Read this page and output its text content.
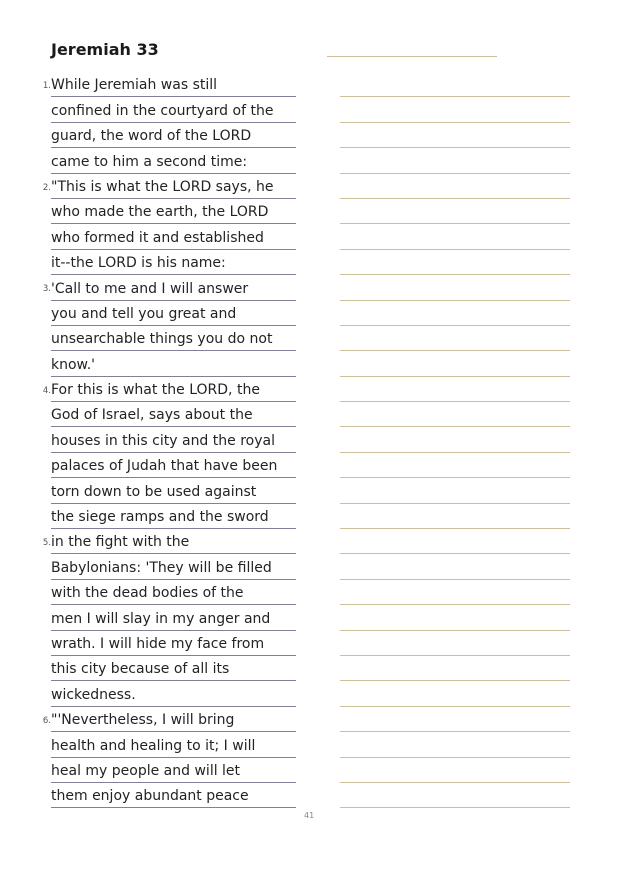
Jeremiah 33
1. While Jeremiah was still
confined in the courtyard of the
guard, the word of the LORD
came to him a second time:
2. "This is what the LORD says, he
who made the earth, the LORD
who formed it and established
it--the LORD is his name:
3. 'Call to me and I will answer
you and tell you great and
unsearchable things you do not
know.'
4. For this is what the LORD, the
God of Israel, says about the
houses in this city and the royal
palaces of Judah that have been
torn down to be used against
the siege ramps and the sword
5. in the fight with the
Babylonians: 'They will be filled
with the dead bodies of the
men I will slay in my anger and
wrath. I will hide my face from
this city because of all its
wickedness.
6. "'Nevertheless, I will bring
health and healing to it; I will
heal my people and will let
them enjoy abundant peace
41
